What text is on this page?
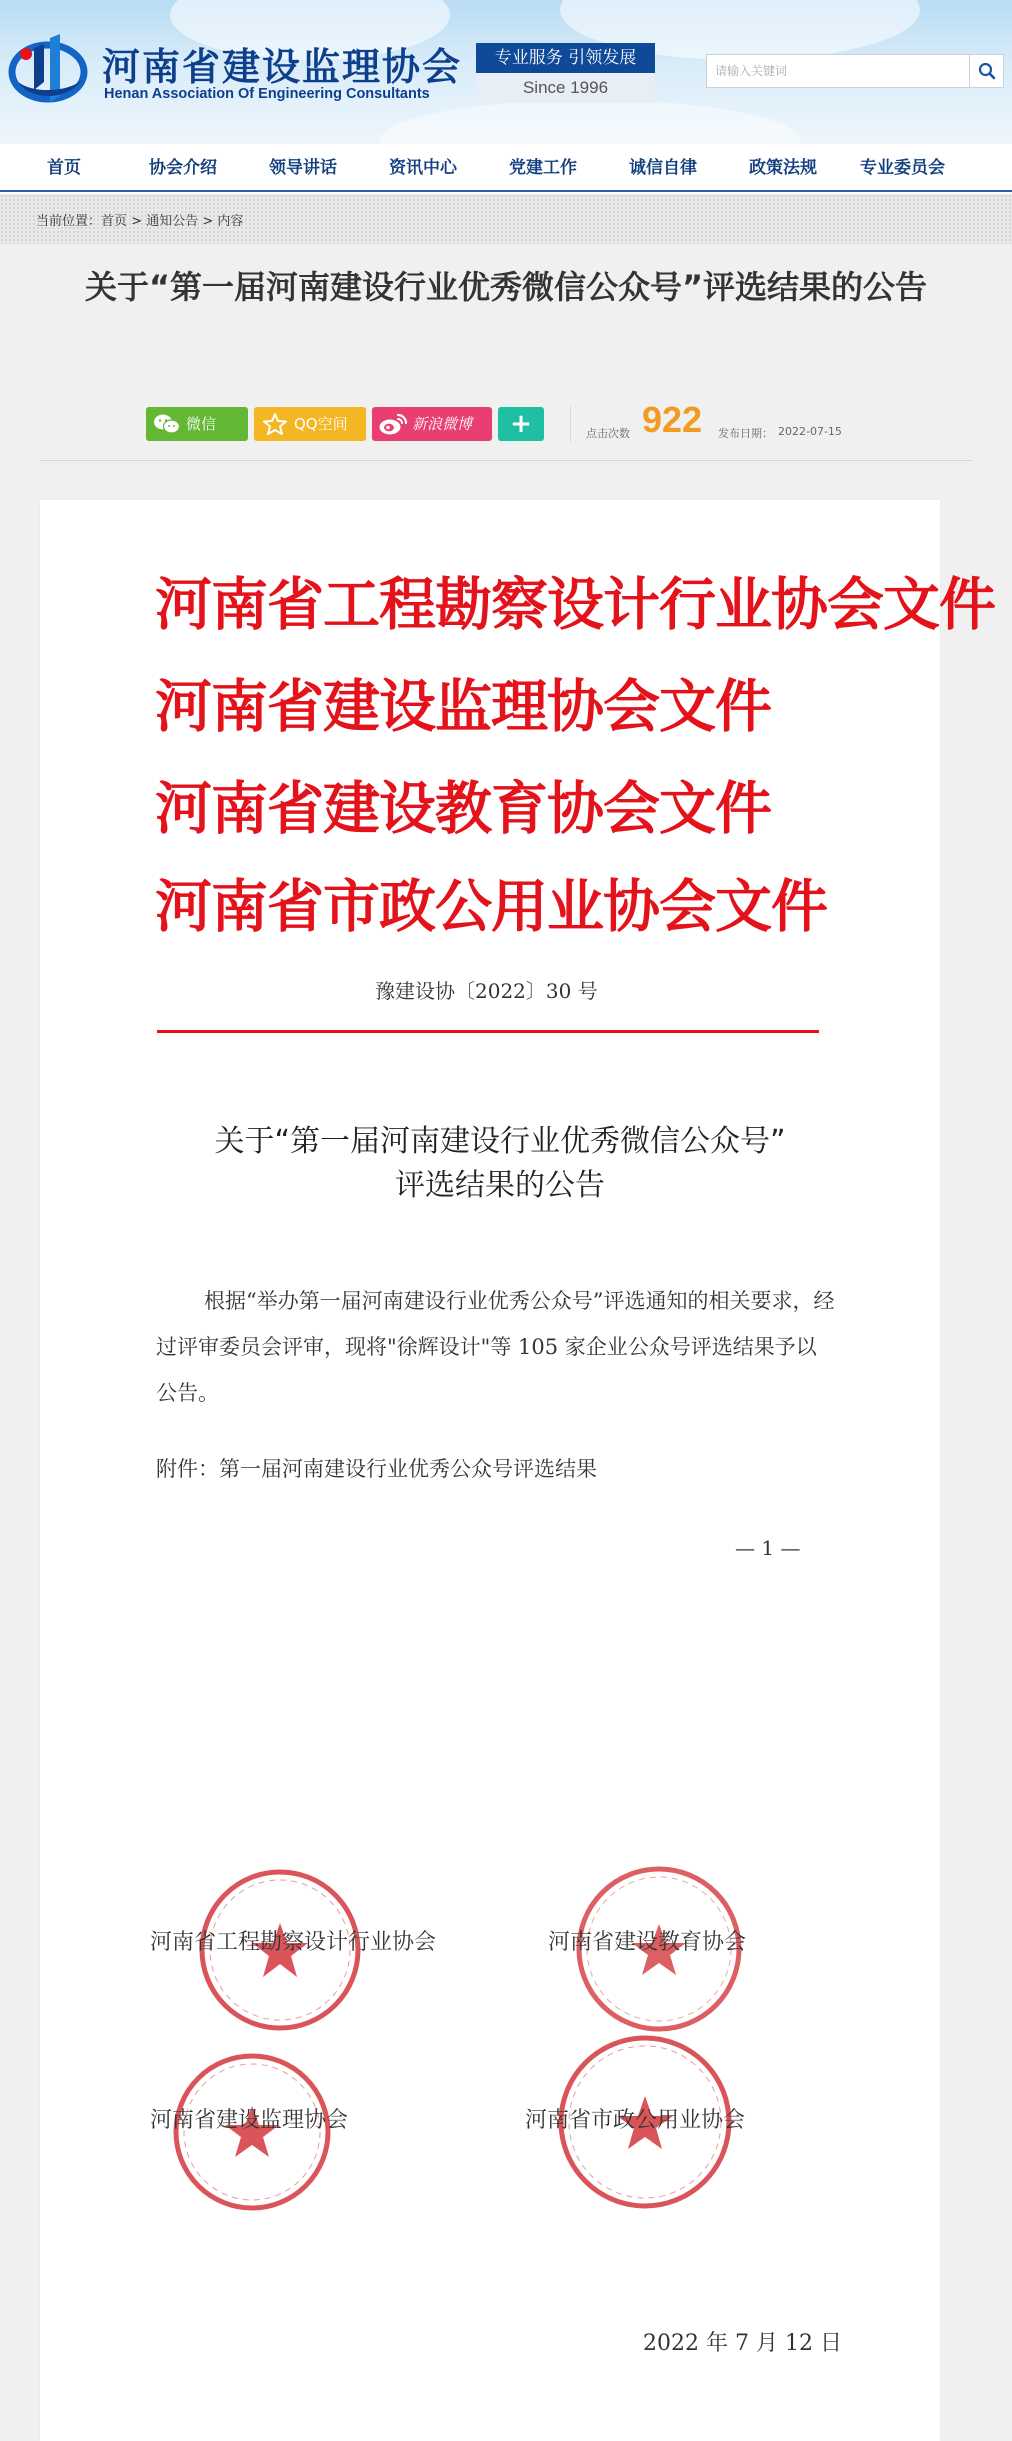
河南省建设监理协会
Henan Association Of Engineering Consultants
专业服务 引领发展
Since 1996
请输入关键词
首页	协会介绍	领导讲话	资讯中心	党建工作	诚信自律	政策法规	专业委员会
当前位置：首页 > 通知公告 > 内容
关于“第一届河南建设行业优秀微信公众号”评选结果的公告
微信	QQ空间	新浪微博	+	点击次数 922 发布日期： 2022-07-15
河南省工程勘察设计行业协会文件
河南省建设监理协会文件
河南省建设教育协会文件
河南省市政公用业协会文件
豫建设协〔2022〕30 号
关于“第一届河南建设行业优秀微信公众号”
评选结果的公告
根据“举办第一届河南建设行业优秀公众号”评选通知的相关要求，经过评审委员会评审，现将"徐辉设计"等 105 家企业公众号评选结果予以公告。
附件：第一届河南建设行业优秀公众号评选结果
— 1 —
河南省工程勘察设计行业协会	河南省建设教育协会
河南省建设监理协会	河南省市政公用业协会
2022 年 7 月 12 日
